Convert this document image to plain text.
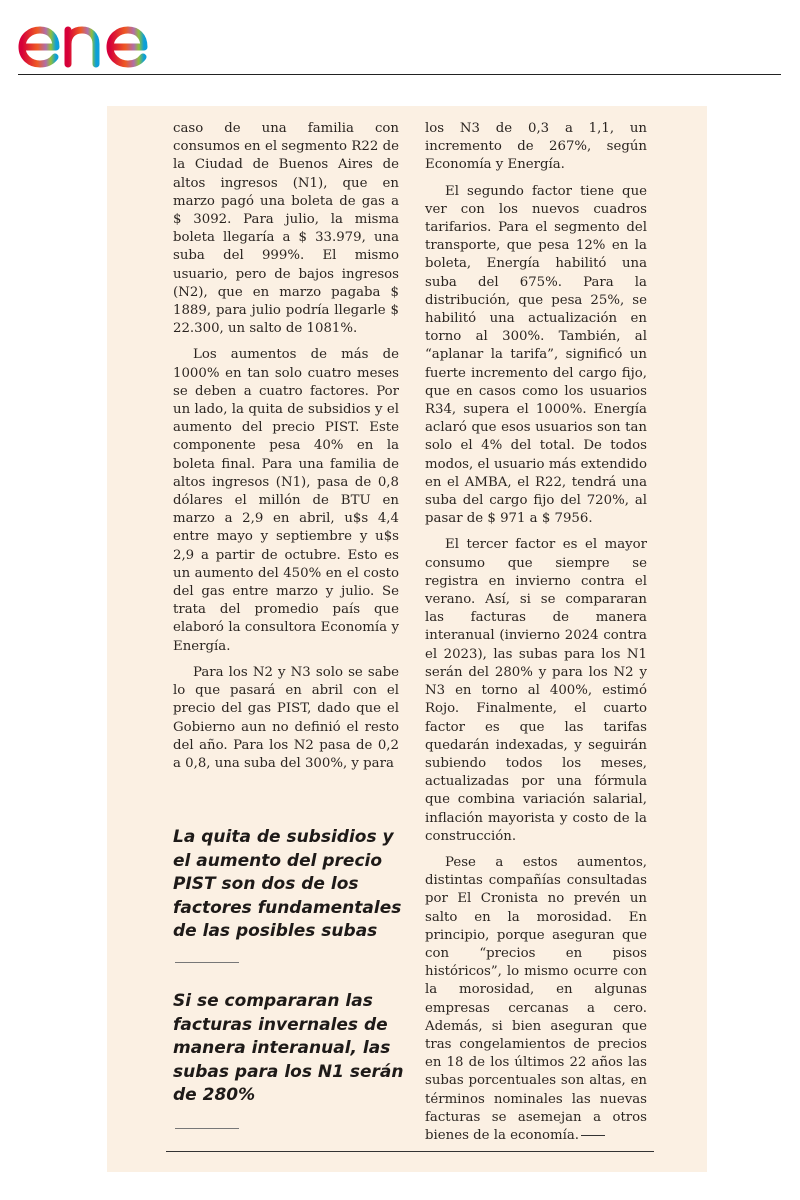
caso de una familia con consumos en el segmento R22 de la Ciudad de Buenos Aires de altos ingresos (N1), que en marzo pagó una boleta de gas a $ 3092. Para julio, la misma boleta llegaría a $ 33.979, una suba del 999%. El mismo usuario, pero de bajos ingresos (N2), que en marzo pagaba $ 1889, para julio podría llegarle $ 22.300, un salto de 1081%.

Los aumentos de más de 1000% en tan solo cuatro meses se deben a cuatro factores. Por un lado, la quita de subsidios y el aumento del precio PIST. Este componente pesa 40% en la boleta final. Para una familia de altos ingresos (N1), pasa de 0,8 dólares el millón de BTU en marzo a 2,9 en abril, u$s 4,4 entre mayo y septiembre y u$s 2,9 a partir de octubre. Esto es un aumento del 450% en el costo del gas entre marzo y julio. Se trata del promedio país que elaboró la consultora Economía y Energía.

Para los N2 y N3 solo se sabe lo que pasará en abril con el precio del gas PIST, dado que el Gobierno aun no definió el resto del año. Para los N2 pasa de 0,2 a 0,8, una suba del 300%, y para

La quita de subsidios y el aumento del precio PIST son dos de los factores fundamentales de las posibles subas
Si se compararan las facturas invernales de manera interanual, las subas para los N1 serán de 280%

los N3 de 0,3 a 1,1, un incremento de 267%, según Economía y Energía.

El segundo factor tiene que ver con los nuevos cuadros tarifarios. Para el segmento del transporte, que pesa 12% en la boleta, Energía habilitó una suba del 675%. Para la distribución, que pesa 25%, se habilitó una actualización en torno al 300%. También, al “aplanar la tarifa”, significó un fuerte incremento del cargo fijo, que en casos como los usuarios R34, supera el 1000%. Energía aclaró que esos usuarios son tan solo el 4% del total. De todos modos, el usuario más extendido en el AMBA, el R22, tendrá una suba del cargo fijo del 720%, al pasar de $ 971 a $ 7956.

El tercer factor es el mayor consumo que siempre se registra en invierno contra el verano. Así, si se compararan las facturas de manera interanual (invierno 2024 contra el 2023), las subas para los N1 serán del 280% y para los N2 y N3 en torno al 400%, estimó Rojo. Finalmente, el cuarto factor es que las tarifas quedarán indexadas, y seguirán subiendo todos los meses, actualizadas por una fórmula que combina variación salarial, inflación mayorista y costo de la construcción.

Pese a estos aumentos, distintas compañías consultadas por El Cronista no prevén un salto en la morosidad. En principio, porque aseguran que con “precios en pisos históricos”, lo mismo ocurre con la morosidad, en algunas empresas cercanas a cero. Además, si bien aseguran que tras congelamientos de precios en 18 de los últimos 22 años las subas porcentuales son altas, en términos nominales las nuevas facturas se asemejan a otros bienes de la economía.
